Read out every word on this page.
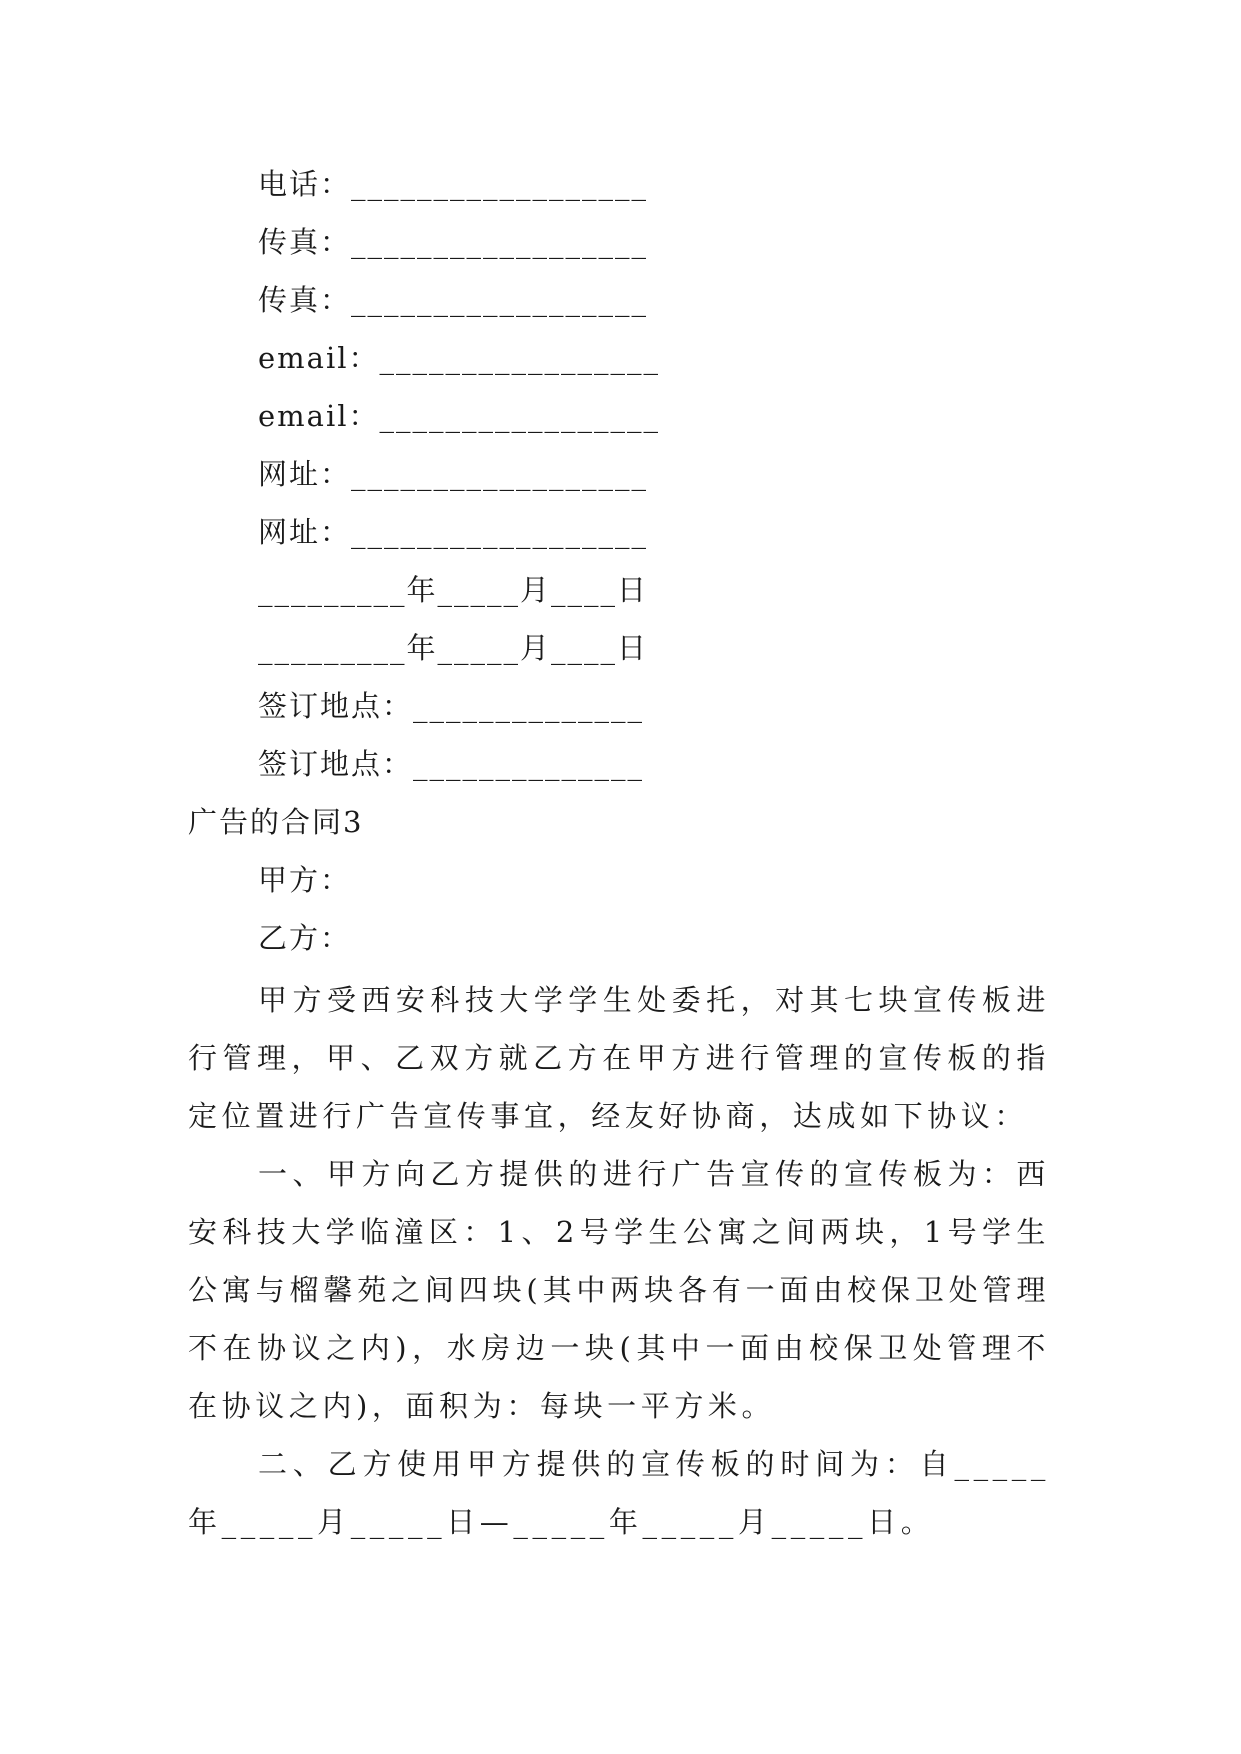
电话：__________________
传真：__________________
传真：__________________
email：_________________
email：_________________
网址：__________________
网址：__________________
_________年_____月____日
_________年_____月____日
签订地点：______________
签订地点：______________
广告的合同3
甲方：
乙方：
甲方受西安科技大学学生处委托，对其七块宣传板进行管理，甲、乙双方就乙方在甲方进行管理的宣传板的指定位置进行广告宣传事宜，经友好协商，达成如下协议：
一、甲方向乙方提供的进行广告宣传的宣传板为：西安科技大学临潼区：1、2号学生公寓之间两块，1号学生公寓与榴馨苑之间四块(其中两块各有一面由校保卫处管理不在协议之内)，水房边一块(其中一面由校保卫处管理不在协议之内)，面积为：每块一平方米。
二、乙方使用甲方提供的宣传板的时间为：自_____年_____月_____日—_____年_____月_____日。
